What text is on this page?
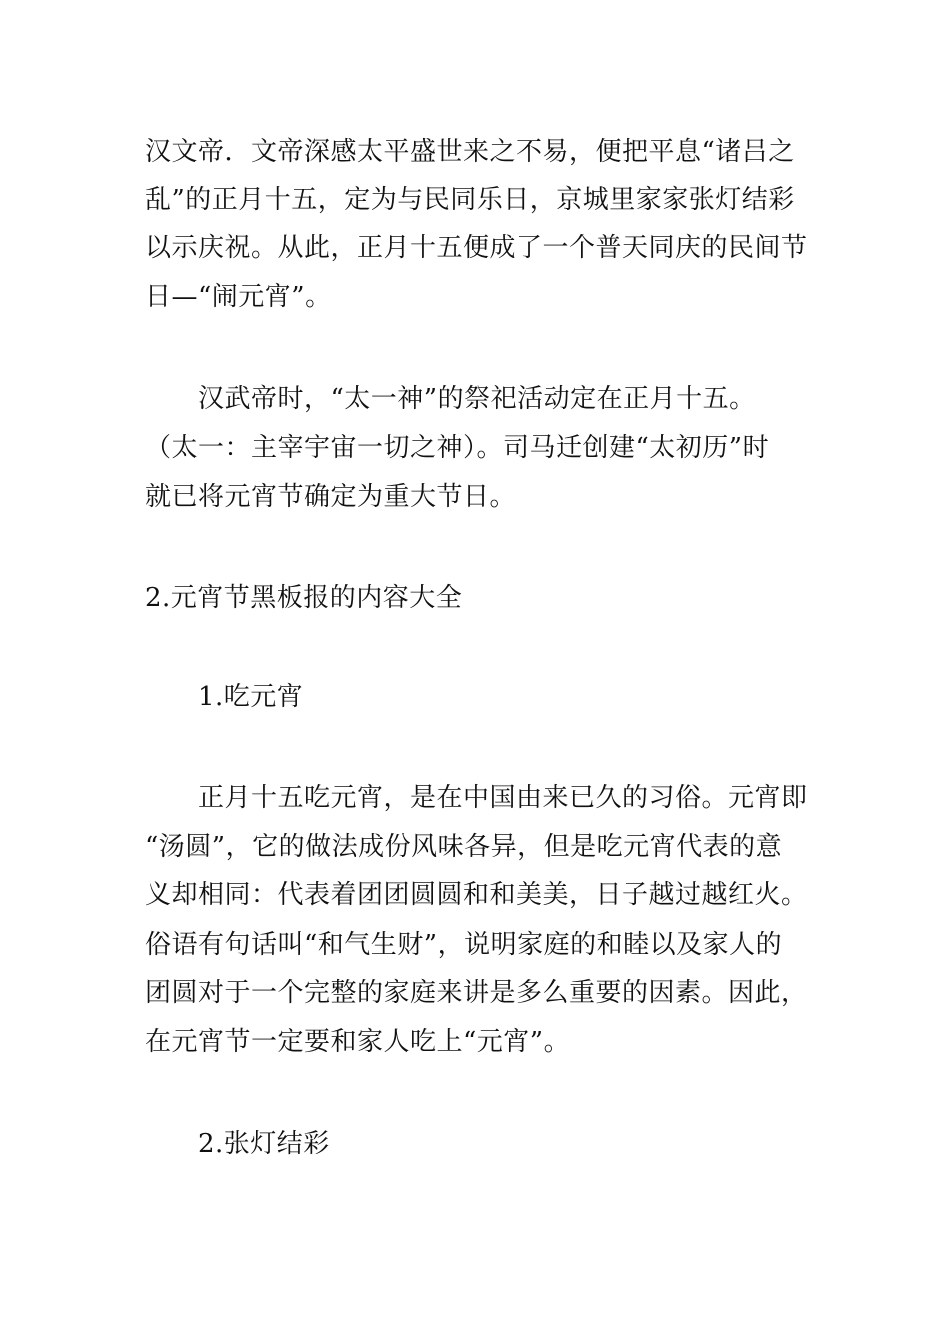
汉文帝．文帝深感太平盛世来之不易，便把平息“诸吕之
乱”的正月十五，定为与民同乐日，京城里家家张灯结彩
以示庆祝。从此，正月十五便成了一个普天同庆的民间节
日—“闹元宵”。
汉武帝时，“太一神”的祭祀活动定在正月十五。
（太一：主宰宇宙一切之神）。司马迁创建“太初历”时
就已将元宵节确定为重大节日。
2.元宵节黑板报的内容大全
1.吃元宵
正月十五吃元宵，是在中国由来已久的习俗。元宵即
“汤圆”，它的做法成份风味各异，但是吃元宵代表的意
义却相同：代表着团团圆圆和和美美，日子越过越红火。
俗语有句话叫“和气生财”，说明家庭的和睦以及家人的
团圆对于一个完整的家庭来讲是多么重要的因素。因此，
在元宵节一定要和家人吃上“元宵”。
2.张灯结彩
